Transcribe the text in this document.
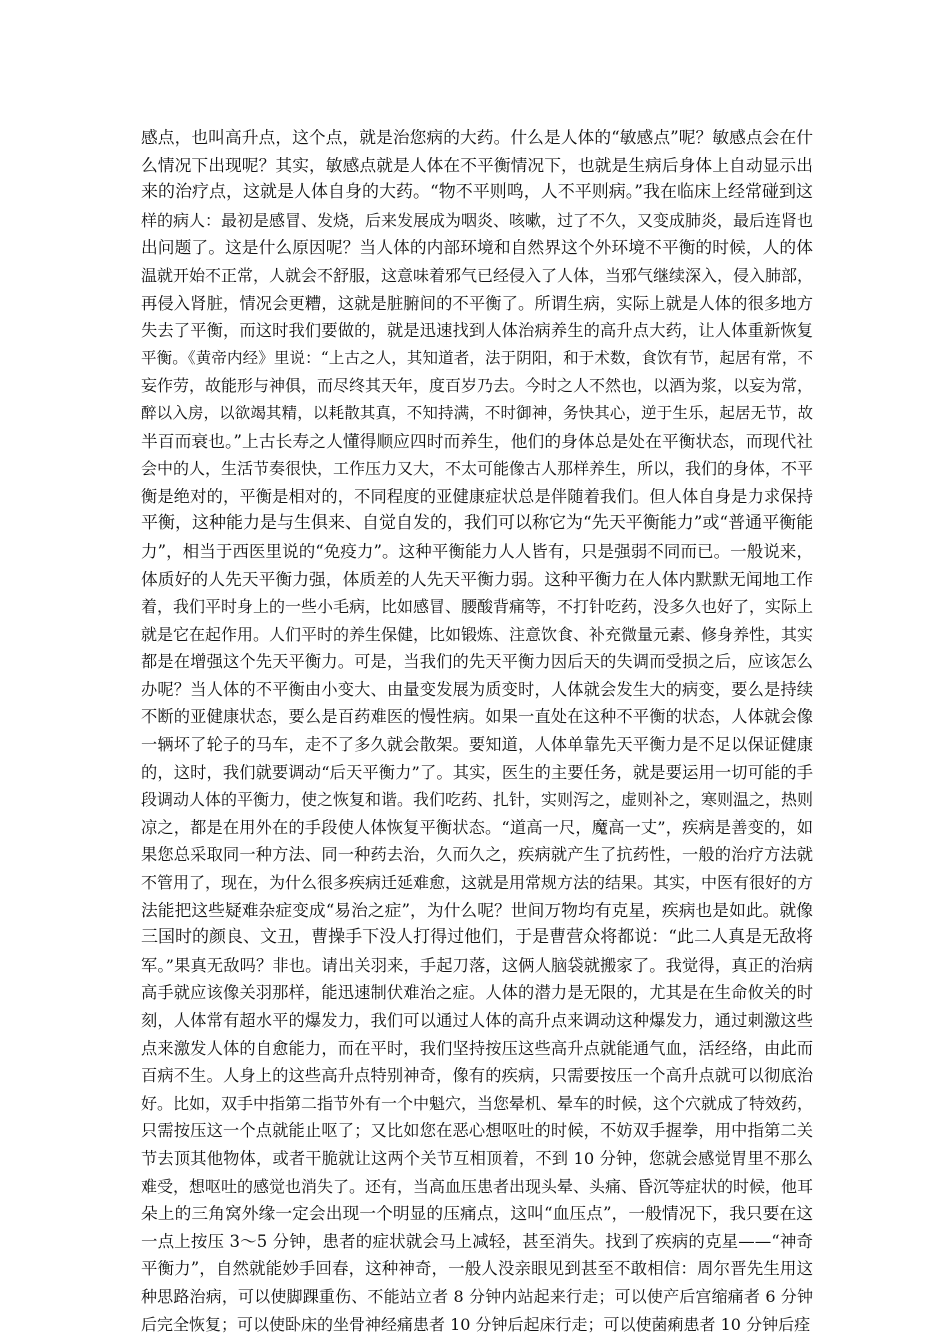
感点，也叫高升点，这个点，就是治您病的大药。什么是人体的“敏感点”呢？敏感点会在什
么情况下出现呢？其实，敏感点就是人体在不平衡情况下，也就是生病后身体上自动显示出
来的治疗点，这就是人体自身的大药。“物不平则鸣，人不平则病。”我在临床上经常碰到这
样的病人：最初是感冒、发烧，后来发展成为咽炎、咳嗽，过了不久，又变成肺炎，最后连肾也
出问题了。这是什么原因呢？当人体的内部环境和自然界这个外环境不平衡的时候，人的体
温就开始不正常，人就会不舒服，这意味着邪气已经侵入了人体，当邪气继续深入，侵入肺部，
再侵入肾脏，情况会更糟，这就是脏腑间的不平衡了。所谓生病，实际上就是人体的很多地方
失去了平衡，而这时我们要做的，就是迅速找到人体治病养生的高升点大药，让人体重新恢复
平衡。《黄帝内经》里说：“上古之人，其知道者，法于阴阳，和于术数，食饮有节，起居有常，不
妄作劳，故能形与神俱，而尽终其天年，度百岁乃去。今时之人不然也，以酒为浆，以妄为常，
醉以入房，以欲竭其精，以耗散其真，不知持满，不时御神，务快其心，逆于生乐，起居无节，故
半百而衰也。”上古长寿之人懂得顺应四时而养生，他们的身体总是处在平衡状态，而现代社
会中的人，生活节奏很快，工作压力又大，不太可能像古人那样养生，所以，我们的身体，不平
衡是绝对的，平衡是相对的，不同程度的亚健康症状总是伴随着我们。但人体自身是力求保持
平衡，这种能力是与生俱来、自觉自发的，我们可以称它为“先天平衡能力”或“普通平衡能
力”，相当于西医里说的“免疫力”。这种平衡能力人人皆有，只是强弱不同而已。一般说来，
体质好的人先天平衡力强，体质差的人先天平衡力弱。这种平衡力在人体内默默无闻地工作
着，我们平时身上的一些小毛病，比如感冒、腰酸背痛等，不打针吃药，没多久也好了，实际上
就是它在起作用。人们平时的养生保健，比如锻炼、注意饮食、补充微量元素、修身养性，其实
都是在增强这个先天平衡力。可是，当我们的先天平衡力因后天的失调而受损之后，应该怎么
办呢？当人体的不平衡由小变大、由量变发展为质变时，人体就会发生大的病变，要么是持续
不断的亚健康状态，要么是百药难医的慢性病。如果一直处在这种不平衡的状态，人体就会像
一辆坏了轮子的马车，走不了多久就会散架。要知道，人体单靠先天平衡力是不足以保证健康
的，这时，我们就要调动“后天平衡力”了。其实，医生的主要任务，就是要运用一切可能的手
段调动人体的平衡力，使之恢复和谐。我们吃药、扎针，实则泻之，虚则补之，寒则温之，热则
凉之，都是在用外在的手段使人体恢复平衡状态。“道高一尺，魔高一丈”，疾病是善变的，如
果您总采取同一种方法、同一种药去治，久而久之，疾病就产生了抗药性，一般的治疗方法就
不管用了，现在，为什么很多疾病迁延难愈，这就是用常规方法的结果。其实，中医有很好的方
法能把这些疑难杂症变成“易治之症”，为什么呢？世间万物均有克星，疾病也是如此。就像
三国时的颜良、文丑，曹操手下没人打得过他们，于是曹营众将都说：“此二人真是无敌将
军。”果真无敌吗？非也。请出关羽来，手起刀落，这俩人脑袋就搬家了。我觉得，真正的治病
高手就应该像关羽那样，能迅速制伏难治之症。人体的潜力是无限的，尤其是在生命攸关的时
刻，人体常有超水平的爆发力，我们可以通过人体的高升点来调动这种爆发力，通过刺激这些
点来激发人体的自愈能力，而在平时，我们坚持按压这些高升点就能通气血，活经络，由此而
百病不生。人身上的这些高升点特别神奇，像有的疾病，只需要按压一个高升点就可以彻底治
好。比如，双手中指第二指节外有一个中魁穴，当您晕机、晕车的时候，这个穴就成了特效药，
只需按压这一个点就能止呕了；又比如您在恶心想呕吐的时候，不妨双手握拳，用中指第二关
节去顶其他物体，或者干脆就让这两个关节互相顶着，不到 10 分钟，您就会感觉胃里不那么
难受，想呕吐的感觉也消失了。还有，当高血压患者出现头晕、头痛、昏沉等症状的时候，他耳
朵上的三角窝外缘一定会出现一个明显的压痛点，这叫“血压点”，一般情况下，我只要在这
一点上按压 3～5 分钟，患者的症状就会马上减轻，甚至消失。找到了疾病的克星——“神奇
平衡力”，自然就能妙手回春，这种神奇，一般人没亲眼见到甚至不敢相信：周尔晋先生用这
种思路治病，可以使脚踝重伤、不能站立者 8 分钟内站起来行走；可以使产后宫缩痛者 6 分钟
后完全恢复；可以使卧床的坐骨神经痛患者 10 分钟后起床行走；可以使菌痢患者 10 分钟后痊
